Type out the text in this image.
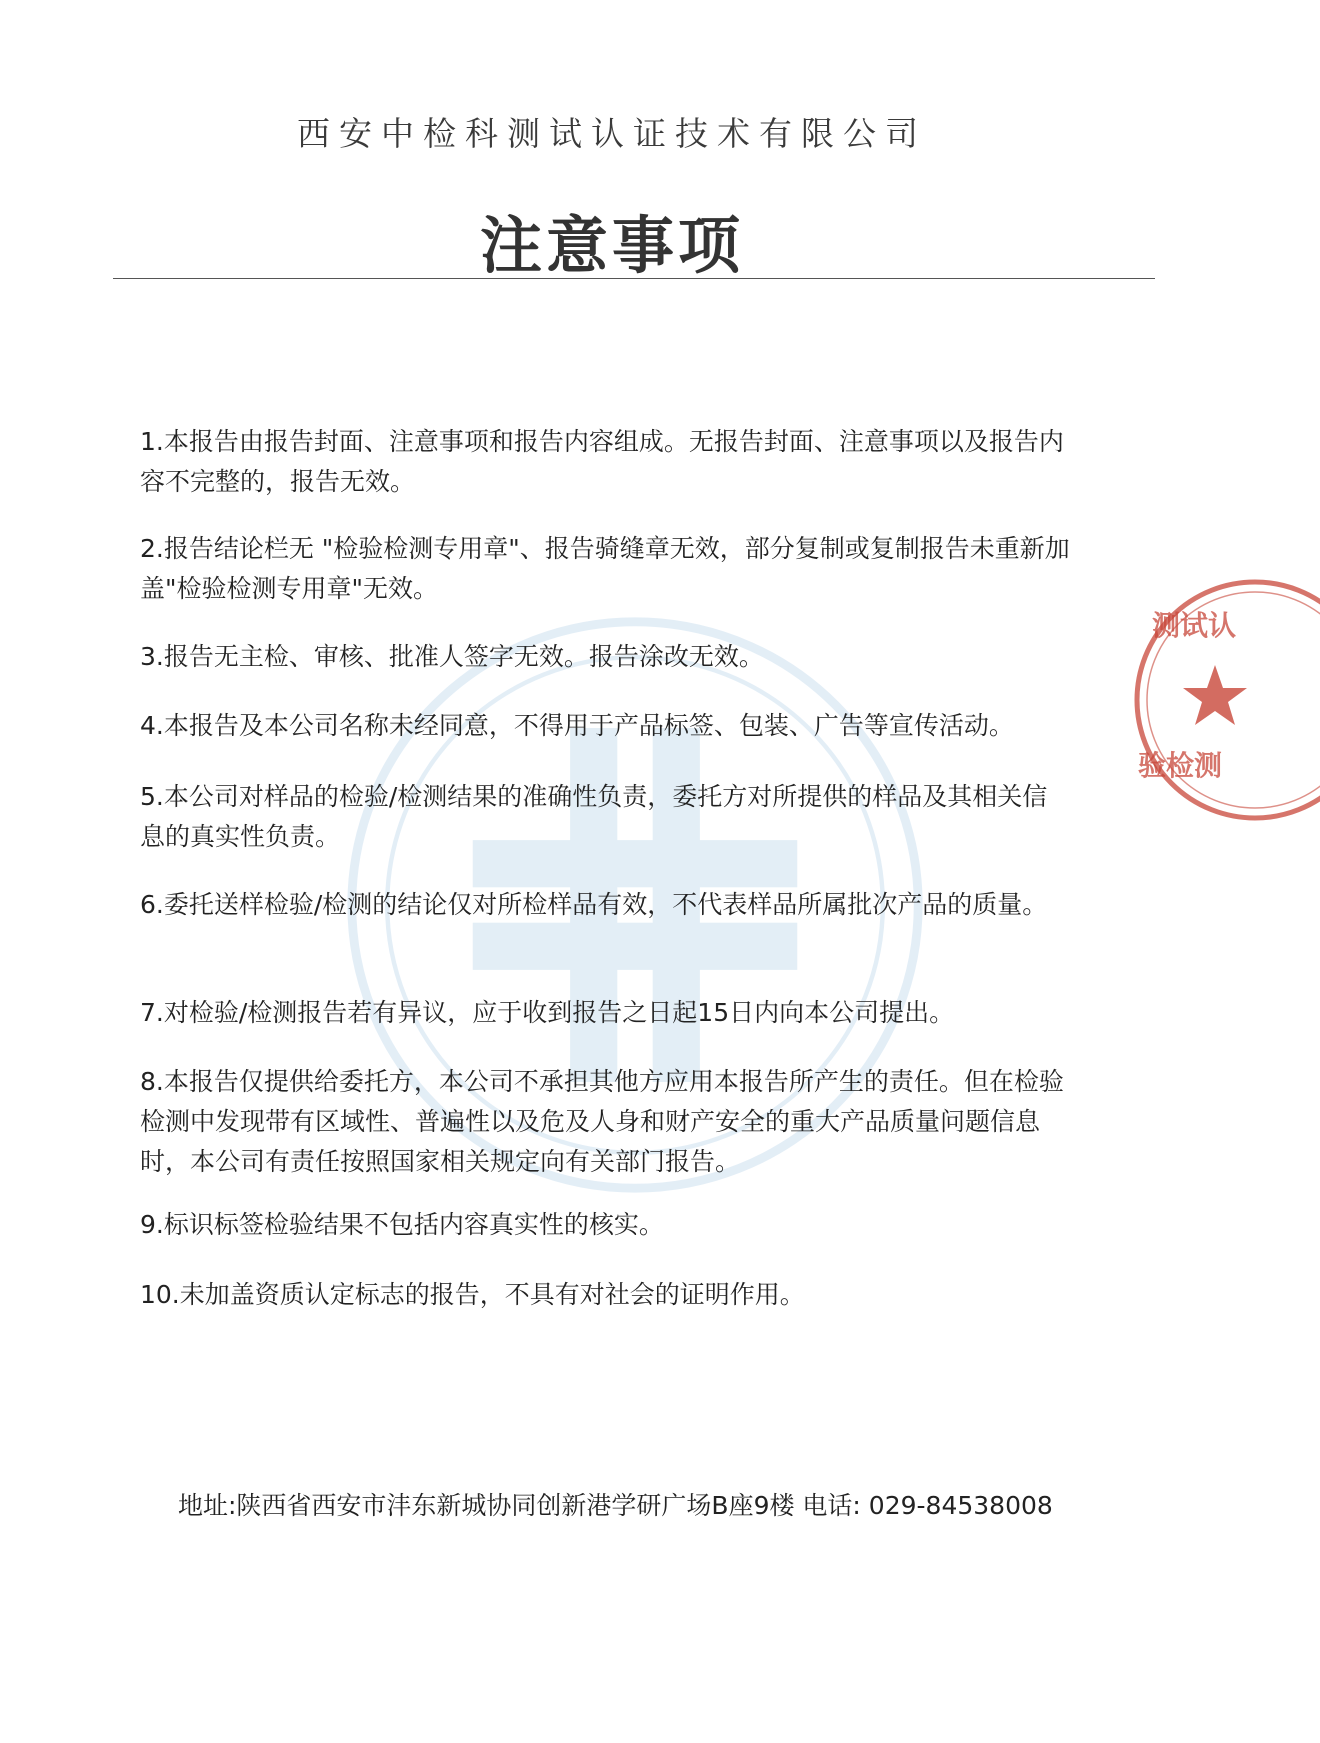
西安中检科测试认证技术有限公司
注意事项
测试认
验检测
1.本报告由报告封面、注意事项和报告内容组成。无报告封面、注意事项以及报告内容不完整的，报告无效。
2.报告结论栏无 "检验检测专用章"、报告骑缝章无效，部分复制或复制报告未重新加盖"检验检测专用章"无效。
3.报告无主检、审核、批准人签字无效。报告涂改无效。
4.本报告及本公司名称未经同意，不得用于产品标签、包装、广告等宣传活动。
5.本公司对样品的检验/检测结果的准确性负责，委托方对所提供的样品及其相关信息的真实性负责。
6.委托送样检验/检测的结论仅对所检样品有效，不代表样品所属批次产品的质量。
7.对检验/检测报告若有异议，应于收到报告之日起15日内向本公司提出。
8.本报告仅提供给委托方，本公司不承担其他方应用本报告所产生的责任。但在检验检测中发现带有区域性、普遍性以及危及人身和财产安全的重大产品质量问题信息时，本公司有责任按照国家相关规定向有关部门报告。
9.标识标签检验结果不包括内容真实性的核实。
10.未加盖资质认定标志的报告，不具有对社会的证明作用。
地址:陕西省西安市沣东新城协同创新港学研广场B座9楼 电话: 029-84538008
